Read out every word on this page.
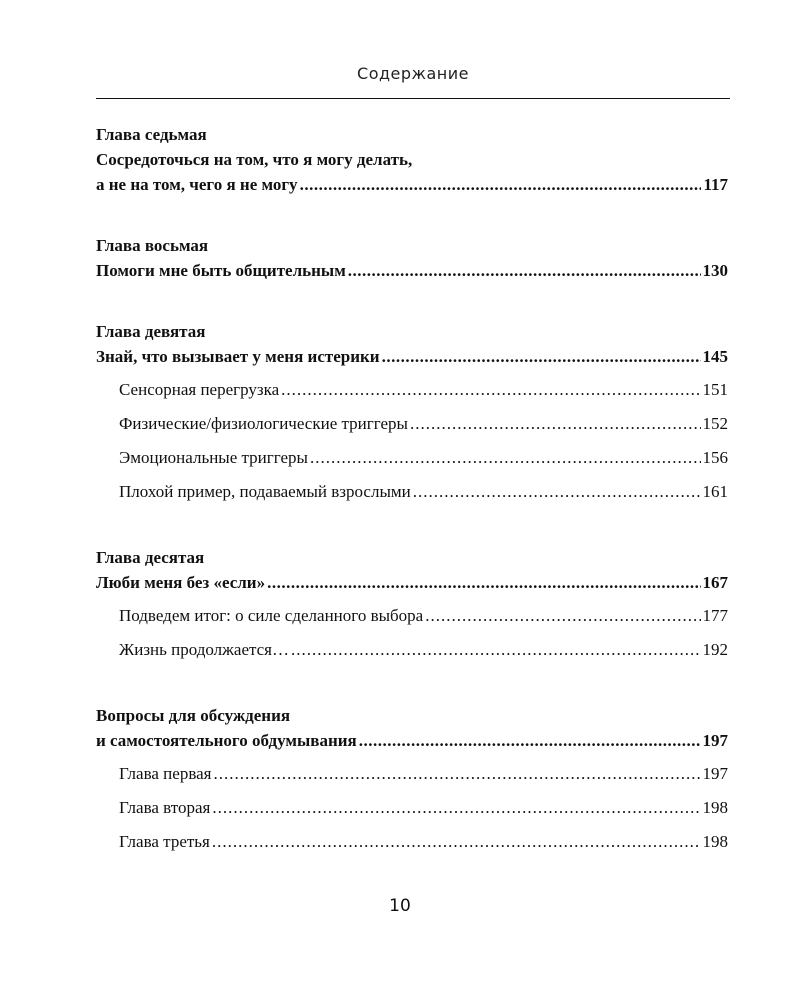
Содержание
Глава седьмая
Сосредоточься на том, что я могу делать,
а не на том, чего я не могу .....	117
Глава восьмая
Помоги мне быть общительным .....	130
Глава девятая
Знай, что вызывает у меня истерики .....	145
Сенсорная перегрузка .....	151
Физические/физиологические триггеры .....	152
Эмоциональные триггеры .....	156
Плохой пример, подаваемый взрослыми .....	161
Глава десятая
Люби меня без «если» .....	167
Подведем итог: о силе сделанного выбора .....	177
Жизнь продолжается… .....	192
Вопросы для обсуждения
и самостоятельного обдумывания .....	197
Глава первая .....	197
Глава вторая .....	198
Глава третья .....	198
10
